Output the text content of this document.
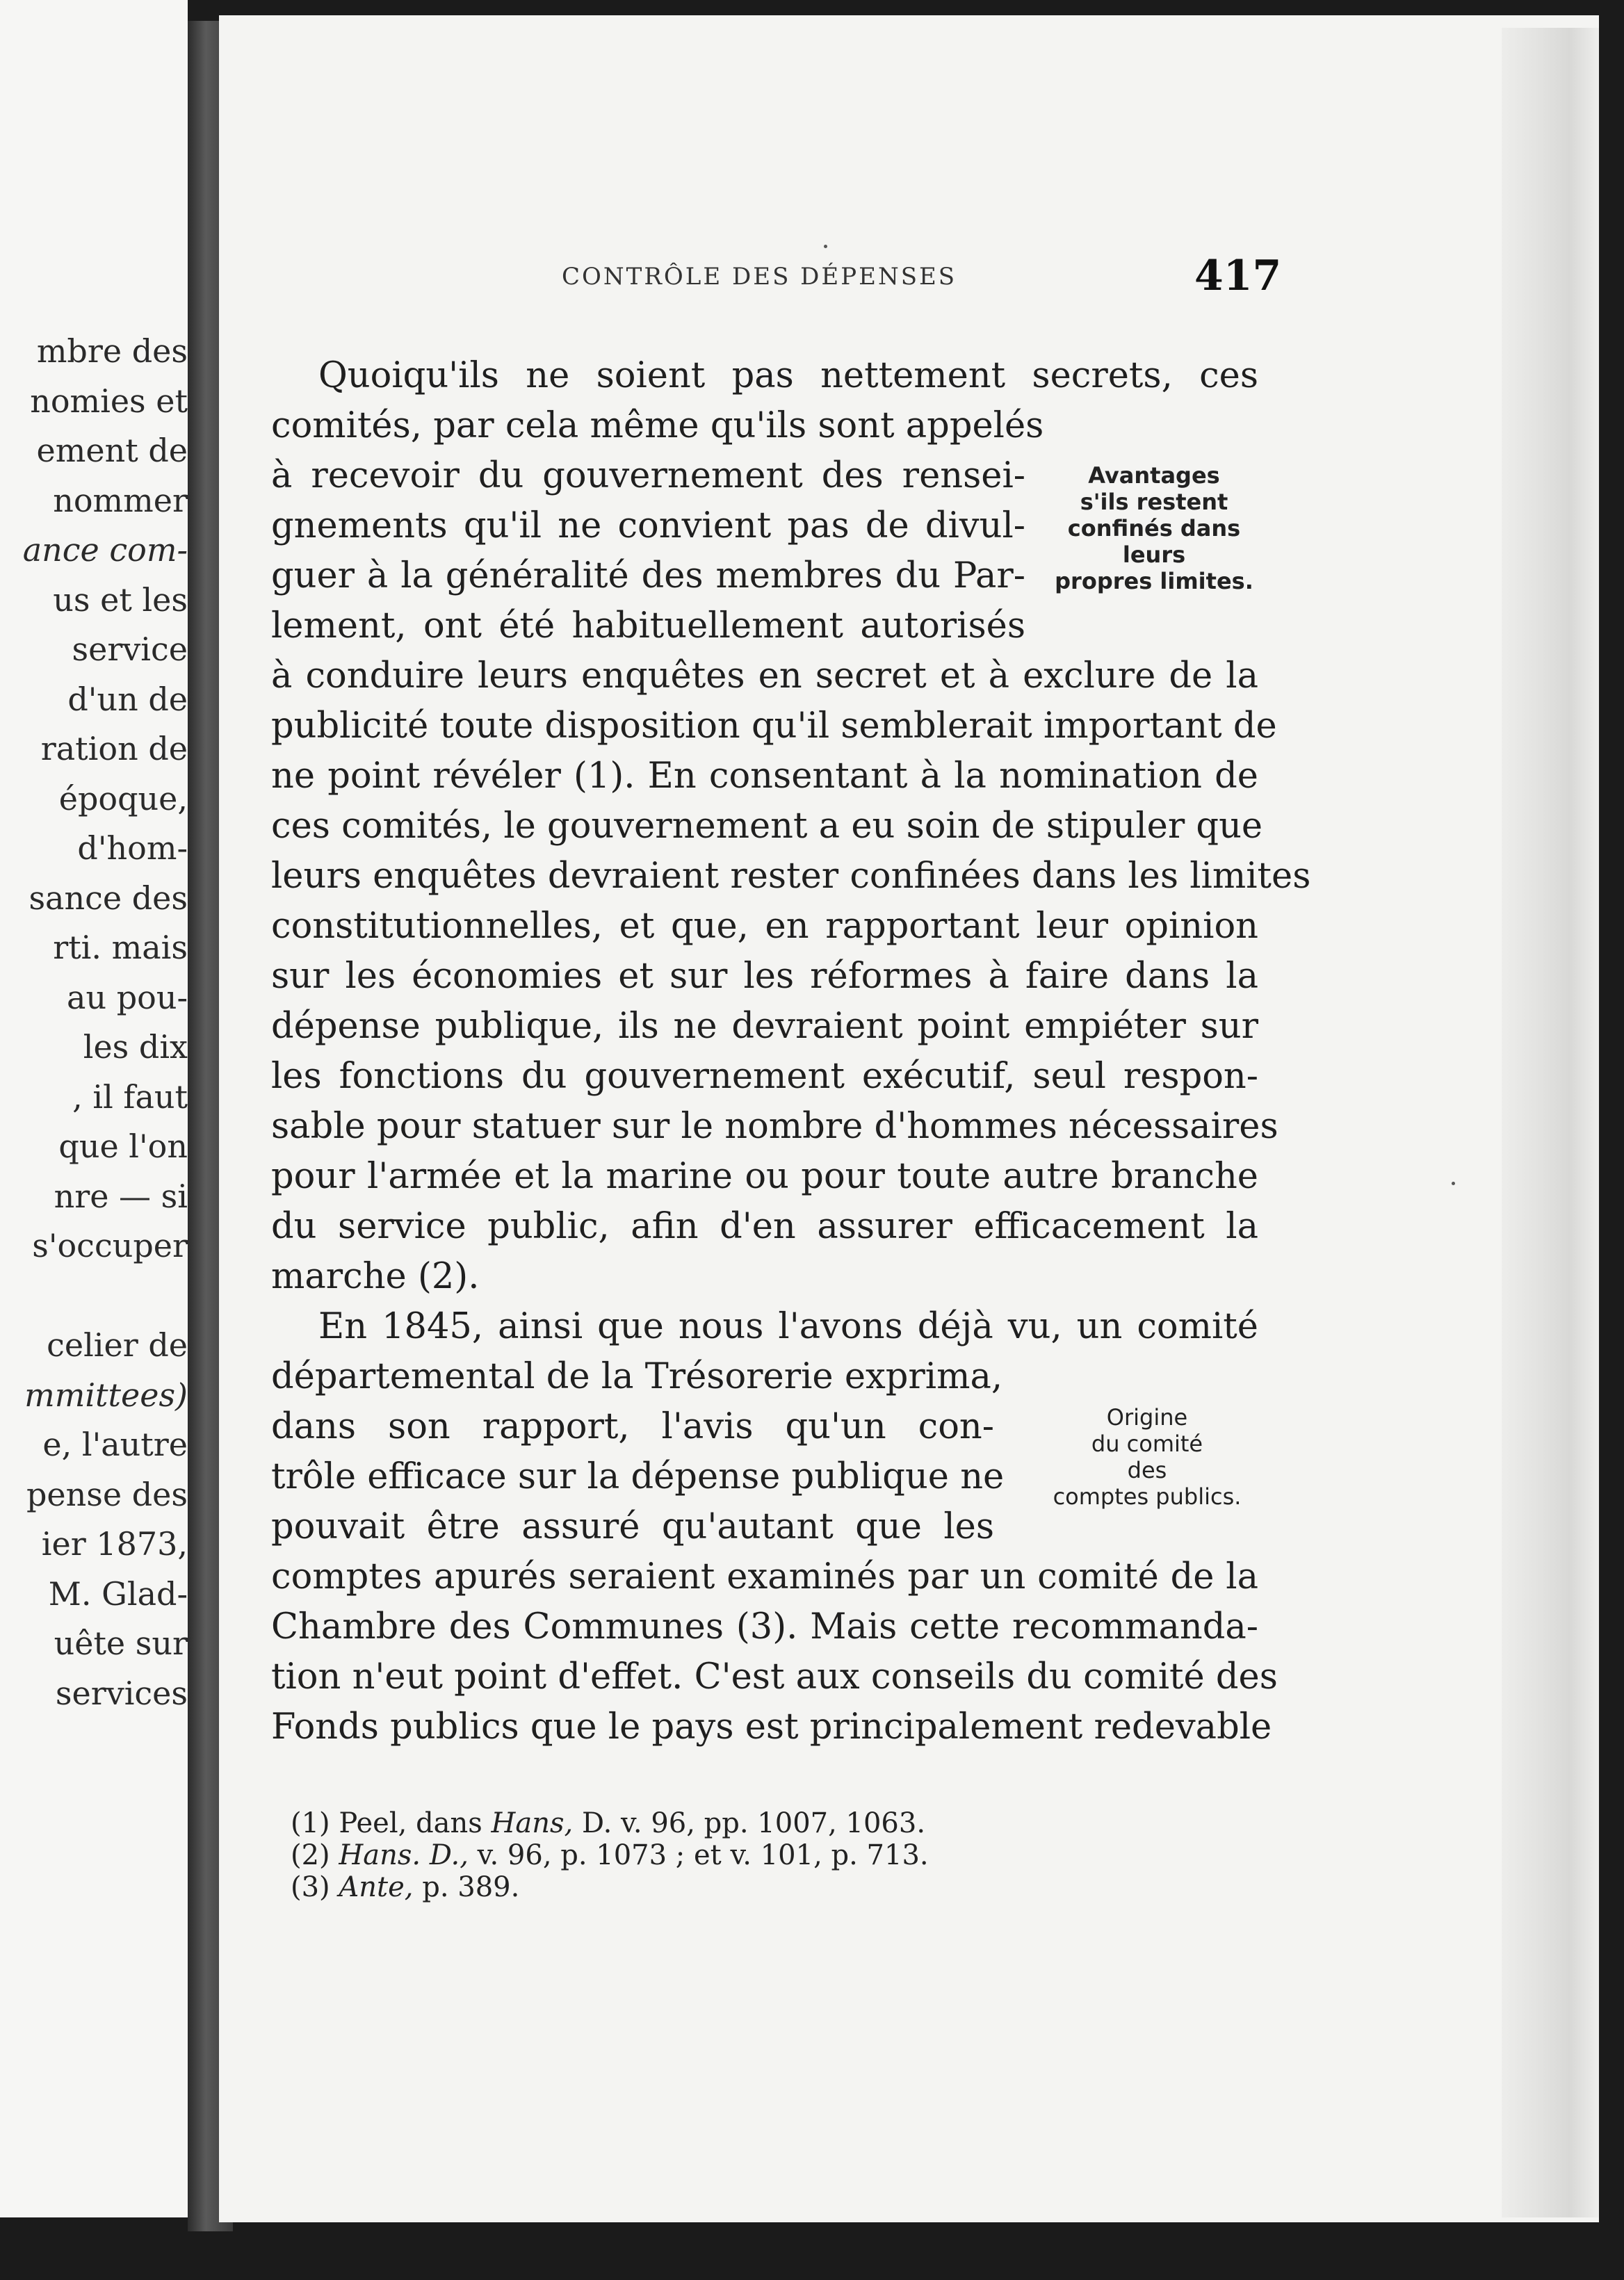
mbre des
nomies et
ement de
nommer
ance com-
us et les
service
d'un de
ration de
époque,
d'hom-
sance des
rti. mais
au pou-
les dix
, il faut
que l'on
nre — si
s'occuper
celier de
mmittees)
e, l'autre
pense des
ier 1873,
M. Glad-
uête sur
services
CONTRÔLE DES DÉPENSES	417
Quoiqu'ils ne soient pas nettement secrets, ces
comités, par cela même qu'ils sont appelés
à recevoir du gouvernement des rensei-
gnements qu'il ne convient pas de divul-
guer à la généralité des membres du Par-
lement, ont été habituellement autorisés
à conduire leurs enquêtes en secret et à exclure de la
publicité toute disposition qu'il semblerait important de
ne point révéler (1). En consentant à la nomination de
ces comités, le gouvernement a eu soin de stipuler que
leurs enquêtes devraient rester confinées dans les limites
constitutionnelles, et que, en rapportant leur opinion
sur les économies et sur les réformes à faire dans la
dépense publique, ils ne devraient point empiéter sur
les fonctions du gouvernement exécutif, seul respon-
sable pour statuer sur le nombre d'hommes nécessaires
pour l'armée et la marine ou pour toute autre branche
du service public, afin d'en assurer efficacement la
marche (2).
En 1845, ainsi que nous l'avons déjà vu, un comité
départemental de la Trésorerie exprima,
dans son rapport, l'avis qu'un con-
trôle efficace sur la dépense publique ne
pouvait être assuré qu'autant que les
comptes apurés seraient examinés par un comité de la
Chambre des Communes (3). Mais cette recommanda-
tion n'eut point d'effet. C'est aux conseils du comité des
Fonds publics que le pays est principalement redevable
Avantages
s'ils restent
confinés dans
leurs
propres limites.
Origine
du comité
des
comptes publics.
(1) Peel, dans Hans, D. v. 96, pp. 1007, 1063.
(2) Hans. D., v. 96, p. 1073 ; et v. 101, p. 713.
(3) Ante, p. 389.
